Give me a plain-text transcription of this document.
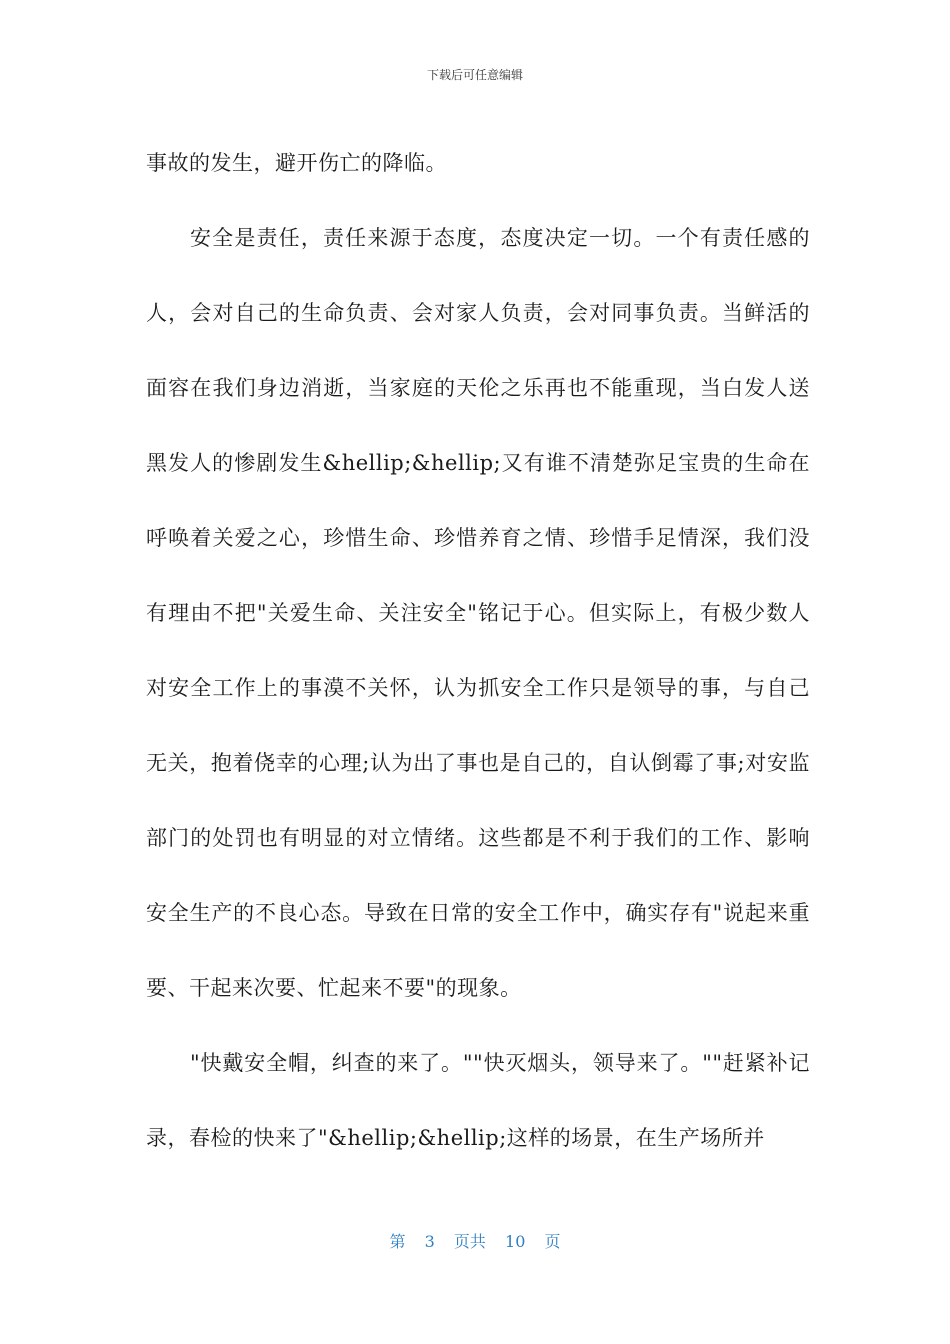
下载后可任意编辑

事故的发生，避开伤亡的降临。

安全是责任，责任来源于态度，态度决定一切。一个有责任感的人，会对自己的生命负责、会对家人负责，会对同事负责。当鲜活的面容在我们身边消逝，当家庭的天伦之乐再也不能重现，当白发人送黑发人的惨剧发生&hellip;&hellip;又有谁不清楚弥足宝贵的生命在呼唤着关爱之心，珍惜生命、珍惜养育之情、珍惜手足情深，我们没有理由不把"关爱生命、关注安全"铭记于心。但实际上，有极少数人对安全工作上的事漠不关怀，认为抓安全工作只是领导的事，与自己无关，抱着侥幸的心理;认为出了事也是自己的，自认倒霉了事;对安监部门的处罚也有明显的对立情绪。这些都是不利于我们的工作、影响安全生产的不良心态。导致在日常的安全工作中，确实存有"说起来重要、干起来次要、忙起来不要"的现象。

"快戴安全帽，纠查的来了。""快灭烟头，领导来了。""赶紧补记录，春检的快来了"&hellip;&hellip;这样的场景，在生产场所并

第 3 页共 10 页
